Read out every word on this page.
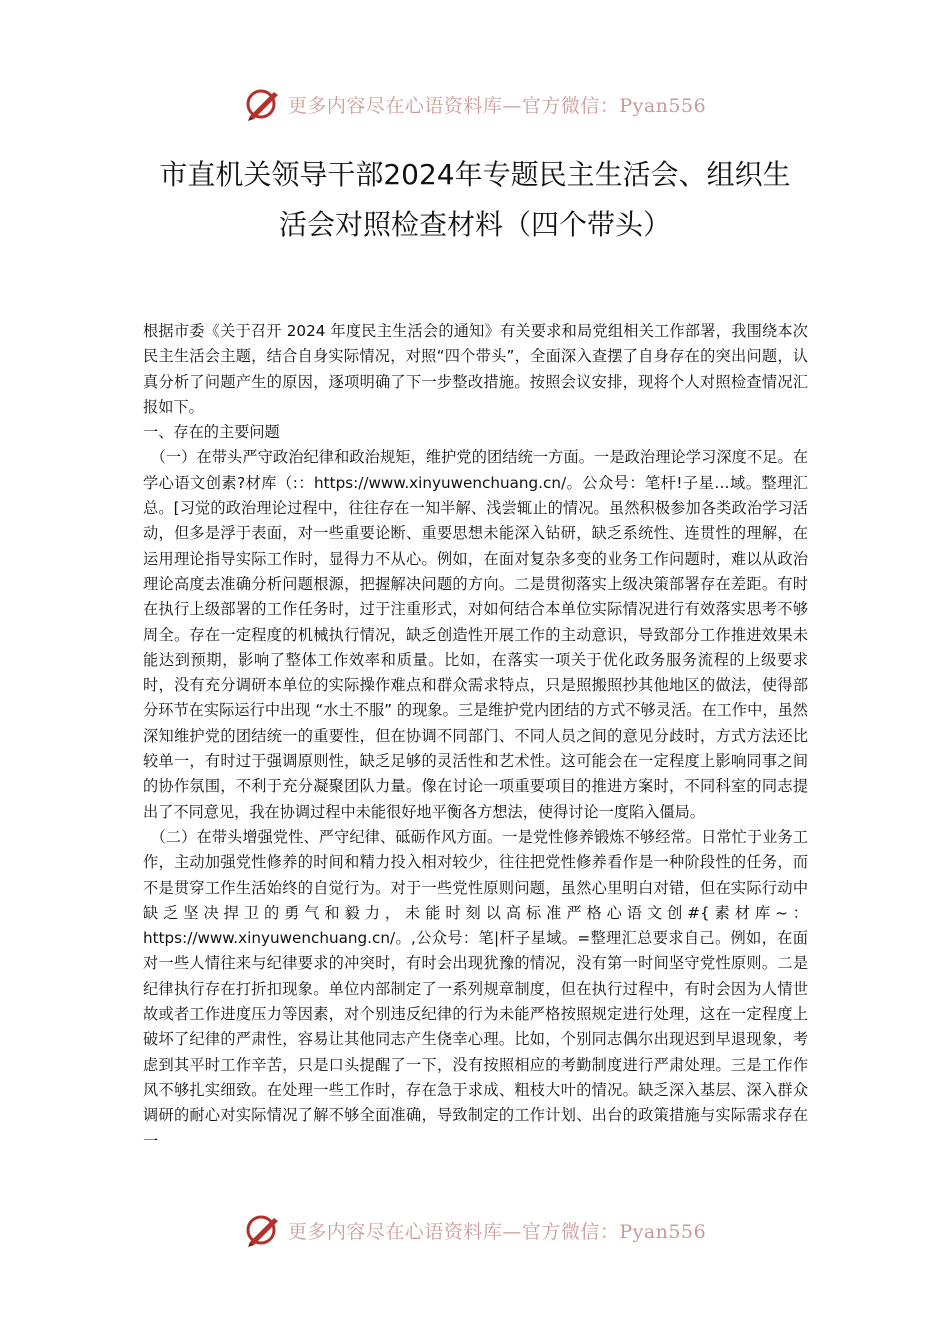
更多内容尽在心语资料库—官方微信：Pyan556
市直机关领导干部2024年专题民主生活会、组织生
活会对照检查材料（四个带头）

根据市委《关于召开 2024 年度民主生活会的通知》有关要求和局党组相关工作部署，我围绕本次民主生活会主题，结合自身实际情况，对照“四个带头”，全面深入查摆了自身存在的突出问题，认真分析了问题产生的原因，逐项明确了下一步整改措施。按照会议安排，现将个人对照检查情况汇报如下。

一、存在的主要问题

（一）在带头严守政治纪律和政治规矩，维护党的团结统一方面。一是政治理论学习深度不足。在学心语文创素?材库（:：https://www.xinyuwenchuang.cn/。公众号：笔杆!子星…域。整理汇总。[习觉的政治理论过程中，往往存在一知半解、浅尝辄止的情况。虽然积极参加各类政治学习活动，但多是浮于表面，对一些重要论断、重要思想未能深入钻研，缺乏系统性、连贯性的理解，在运用理论指导实际工作时，显得力不从心。例如，在面对复杂多变的业务工作问题时，难以从政治理论高度去准确分析问题根源，把握解决问题的方向。二是贯彻落实上级决策部署存在差距。有时在执行上级部署的工作任务时，过于注重形式，对如何结合本单位实际情况进行有效落实思考不够周全。存在一定程度的机械执行情况，缺乏创造性开展工作的主动意识，导致部分工作推进效果未能达到预期，影响了整体工作效率和质量。比如，在落实一项关于优化政务服务流程的上级要求时，没有充分调研本单位的实际操作难点和群众需求特点，只是照搬照抄其他地区的做法，使得部分环节在实际运行中出现 “水土不服” 的现象。三是维护党内团结的方式不够灵活。在工作中，虽然深知维护党的团结统一的重要性，但在协调不同部门、不同人员之间的意见分歧时，方式方法还比较单一，有时过于强调原则性，缺乏足够的灵活性和艺术性。这可能会在一定程度上影响同事之间的协作氛围，不利于充分凝聚团队力量。像在讨论一项重要项目的推进方案时，不同科室的同志提出了不同意见，我在协调过程中未能很好地平衡各方想法，使得讨论一度陷入僵局。

（二）在带头增强党性、严守纪律、砥砺作风方面。一是党性修养锻炼不够经常。日常忙于业务工作，主动加强党性修养的时间和精力投入相对较少，往往把党性修养看作是一种阶段性的任务，而不是贯穿工作生活始终的自觉行为。对于一些党性原则问题，虽然心里明白对错，但在实际行动中缺乏坚决捍卫的勇气和毅力，未能时刻以高标准严格心语文创#{素材库~：https://www.xinyuwenchuang.cn/。,公众号：笔|杆子星域。=整理汇总要求自己。例如，在面对一些人情往来与纪律要求的冲突时，有时会出现犹豫的情况，没有第一时间坚守党性原则。二是纪律执行存在打折扣现象。单位内部制定了一系列规章制度，但在执行过程中，有时会因为人情世故或者工作进度压力等因素，对个别违反纪律的行为未能严格按照规定进行处理，这在一定程度上破坏了纪律的严肃性，容易让其他同志产生侥幸心理。比如，个别同志偶尔出现迟到早退现象，考虑到其平时工作辛苦，只是口头提醒了一下，没有按照相应的考勤制度进行严肃处理。三是工作作风不够扎实细致。在处理一些工作时，存在急于求成、粗枝大叶的情况。缺乏深入基层、深入群众调研的耐心对实际情况了解不够全面准确，导致制定的工作计划、出台的政策措施与实际需求存在一

更多内容尽在心语资料库—官方微信：Pyan556
